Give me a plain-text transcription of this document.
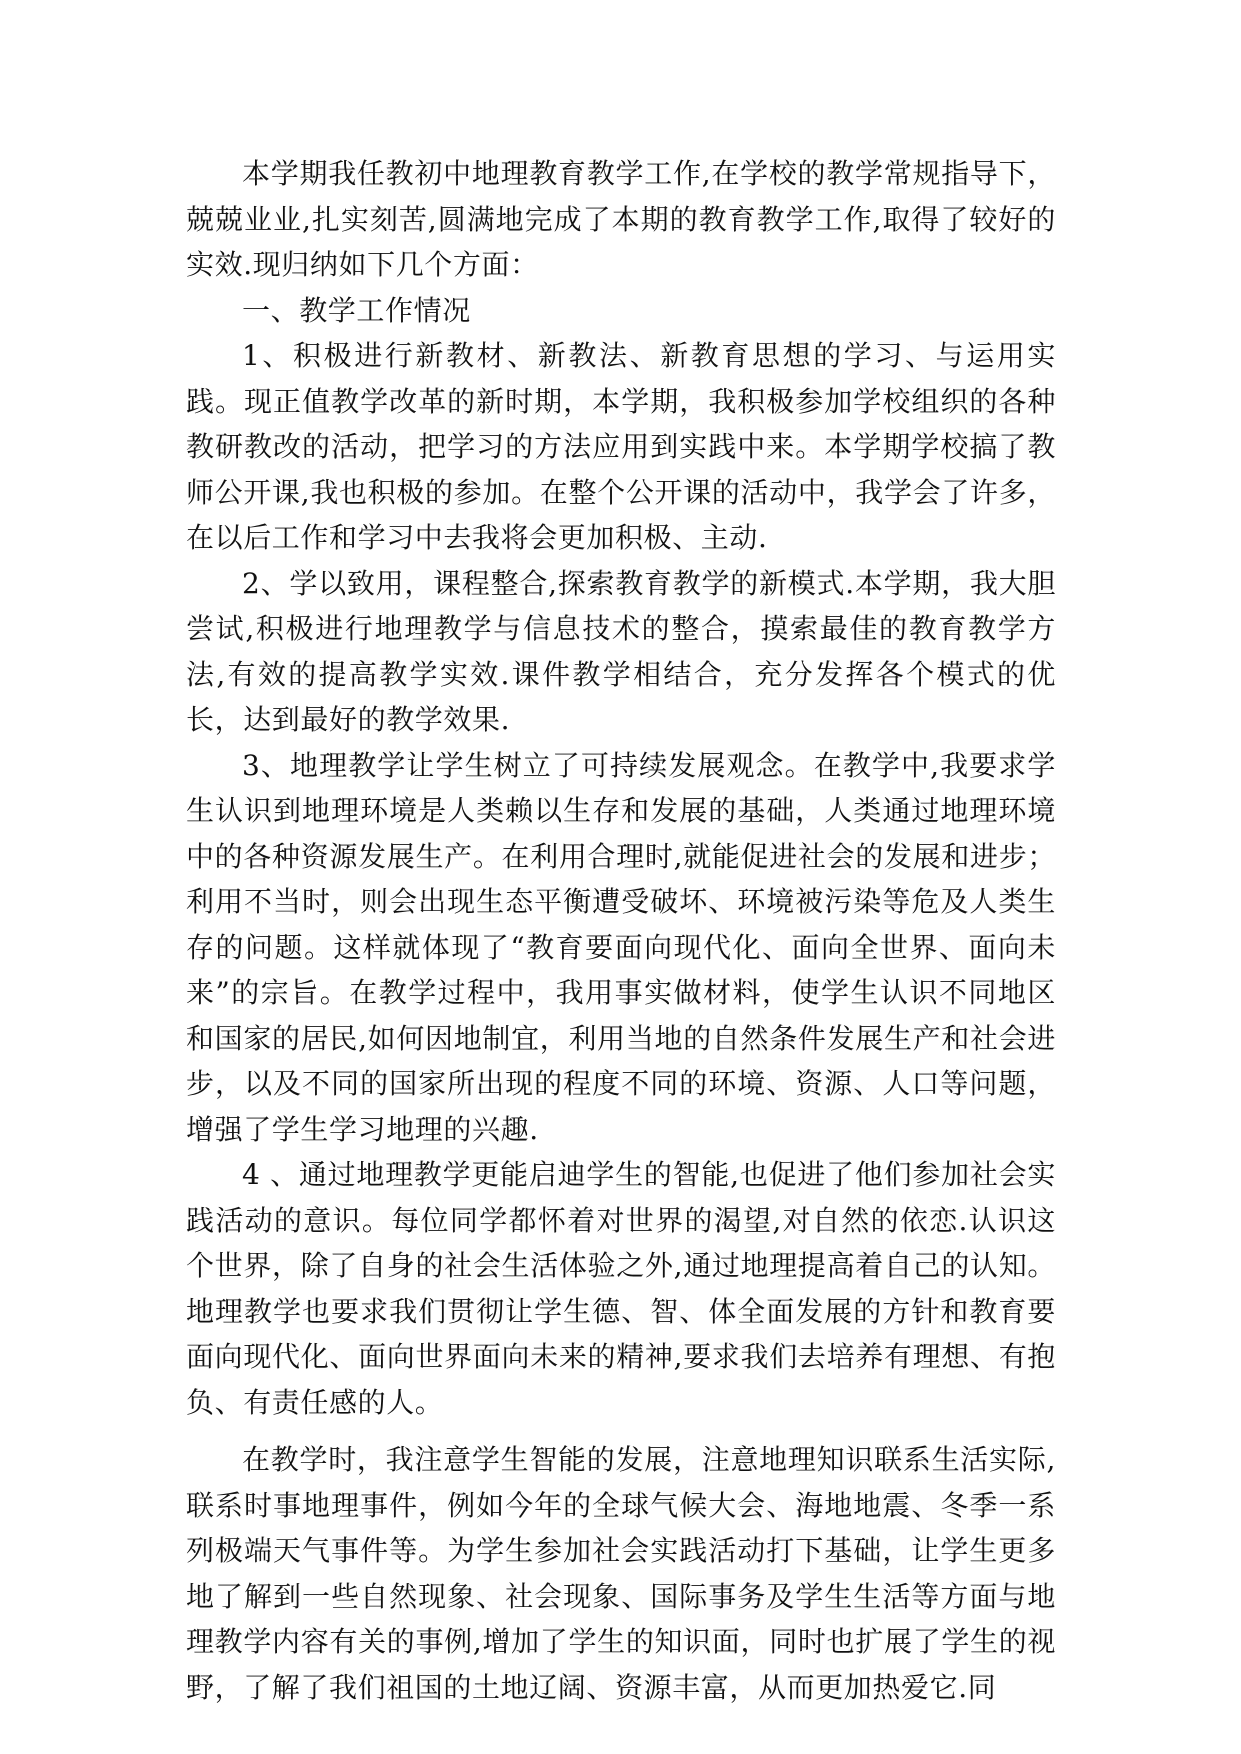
本学期我任教初中地理教育教学工作,在学校的教学常规指导下，兢兢业业,扎实刻苦,圆满地完成了本期的教育教学工作,取得了较好的实效.现归纳如下几个方面：

一、教学工作情况

1、积极进行新教材、新教法、新教育思想的学习、与运用实践。现正值教学改革的新时期，本学期，我积极参加学校组织的各种教研教改的活动，把学习的方法应用到实践中来。本学期学校搞了教师公开课,我也积极的参加。在整个公开课的活动中，我学会了许多，在以后工作和学习中去我将会更加积极、主动.

2、学以致用，课程整合,探索教育教学的新模式.本学期，我大胆尝试,积极进行地理教学与信息技术的整合，摸索最佳的教育教学方法,有效的提高教学实效.课件教学相结合，充分发挥各个模式的优长，达到最好的教学效果.

3、地理教学让学生树立了可持续发展观念。在教学中,我要求学生认识到地理环境是人类赖以生存和发展的基础，人类通过地理环境中的各种资源发展生产。在利用合理时,就能促进社会的发展和进步；利用不当时，则会出现生态平衡遭受破坏、环境被污染等危及人类生存的问题。这样就体现了“教育要面向现代化、面向全世界、面向未来”的宗旨。在教学过程中，我用事实做材料，使学生认识不同地区和国家的居民,如何因地制宜，利用当地的自然条件发展生产和社会进步，以及不同的国家所出现的程度不同的环境、资源、人口等问题，增强了学生学习地理的兴趣.

4 、通过地理教学更能启迪学生的智能,也促进了他们参加社会实践活动的意识。每位同学都怀着对世界的渴望,对自然的依恋.认识这个世界，除了自身的社会生活体验之外,通过地理提高着自己的认知。地理教学也要求我们贯彻让学生德、智、体全面发展的方针和教育要面向现代化、面向世界面向未来的精神,要求我们去培养有理想、有抱负、有责任感的人。

在教学时，我注意学生智能的发展，注意地理知识联系生活实际,联系时事地理事件，例如今年的全球气候大会、海地地震、冬季一系列极端天气事件等。为学生参加社会实践活动打下基础，让学生更多地了解到一些自然现象、社会现象、国际事务及学生生活等方面与地理教学内容有关的事例,增加了学生的知识面，同时也扩展了学生的视野，了解了我们祖国的土地辽阔、资源丰富，从而更加热爱它.同
